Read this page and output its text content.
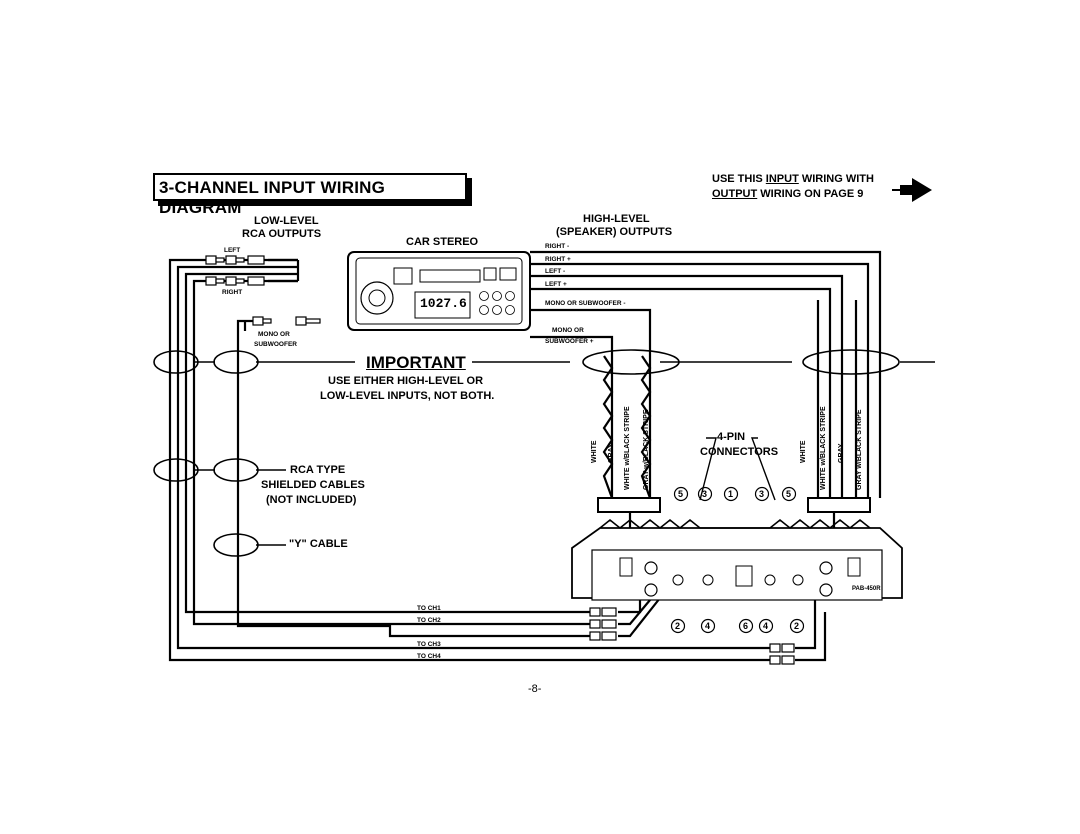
3-CHANNEL INPUT WIRING DIAGRAM
USE THIS INPUT WIRING WITH
OUTPUT WIRING ON PAGE 9
LOW-LEVEL
RCA OUTPUTS
CAR STEREO
HIGH-LEVEL
(SPEAKER) OUTPUTS
LEFT
RIGHT
MONO OR
SUBWOOFER
RIGHT -
RIGHT +
LEFT -
LEFT +
MONO OR SUBWOOFER -
MONO OR
SUBWOOFER +
IMPORTANT
USE EITHER HIGH-LEVEL OR
LOW-LEVEL INPUTS, NOT BOTH.
RCA TYPE
SHIELDED CABLES
(NOT INCLUDED)
"Y" CABLE
4-PIN
CONNECTORS
WHITE GRAY WHITE w/BLACK STRIPE GRAY w/BLACK STRIPE	WHITE WHITE w/BLACK STRIPE GRAY GRAY w/BLACK STRIPE
5 3 1	3 5
2	4	6 4	2
1027.6
PAB-450R
TO CH1
TO CH2
TO CH3
TO CH4
-8-
